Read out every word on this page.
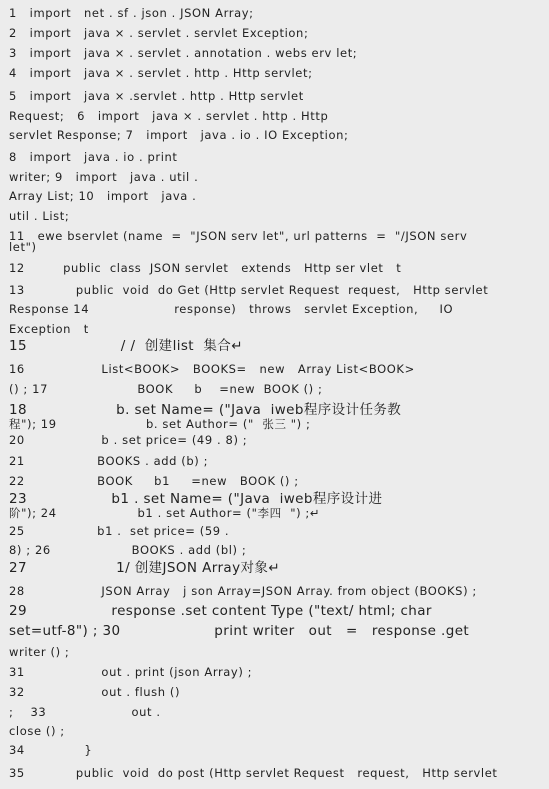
1   import   net . sf . json . JSON Array;
2   import   java × . servlet . servlet Exception;
3   import   java × . servlet . annotation . webs erv let;
4   import   java × . servlet . http . Http servlet;
5   import   java × .servlet . http . Http servlet
Request;   6   import   java × . servlet . http . Http
servlet Response; 7   import   java . io . IO Exception;
8   import   java . io . print
writer; 9   import   java . util .
Array List; 10   import   java .
util . List;
11   ewe bservlet (name  =  "JSON serv let", url patterns  =  "/JSON serv
let")
12         public  class  JSON servlet   extends   Http ser vlet   t
13            public  void  do Get (Http servlet Request  request,   Http servlet
Response 14                    response)   throws   servlet Exception,     IO
Exception   t
15                    / /  创建list  集合↵
16                  List<BOOK>   BOOKS=   new   Array List<BOOK>
() ; 17                     BOOK     b    =new  BOOK () ;
18                   b. set Name= ("Java  iweb程序设计任务教
程"); 19                     b. set Author= ("  张三 ") ;
20                  b . set price= (49 . 8) ;
21                 BOOKS . add (b) ;
22                 BOOK     b1     =new   BOOK () ;
23                  b1 . set Name= ("Java  iweb程序设计进
阶"); 24                   b1 . set Author= ("李四  ") ;↵
25                 b1 .  set price= (59 .
8) ; 26                   BOOKS . add (bl) ;
27                   1/ 创建JSON Array对象↵
28                  JSON Array   j son Array=JSON Array. from object (BOOKS) ;
29                  response .set content Type ("text/ html; char
set=utf-8") ; 30                    print writer   out   =   response .get
writer () ;
31                  out . print (json Array) ;
32                  out . flush ()
;    33                    out .
close () ;
34              }
35            public  void  do post (Http servlet Request   request,   Http servlet
